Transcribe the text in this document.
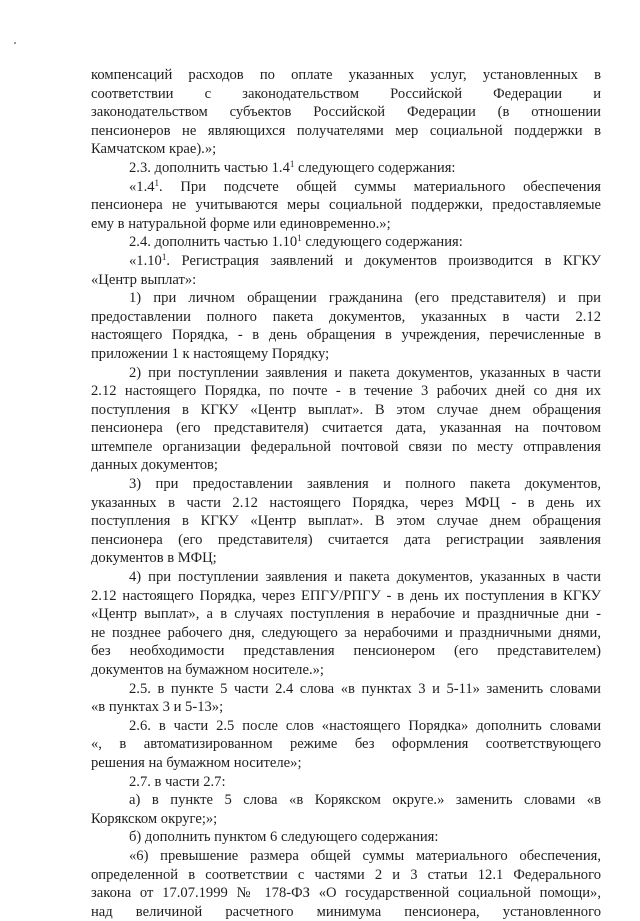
компенсаций расходов по оплате указанных услуг, установленных в

соответствии с законодательством Российской Федерации и

законодательством субъектов Российской Федерации (в отношении

пенсионеров не являющихся получателями мер социальной поддержки в

Камчатском крае).»;

2.3. дополнить частью $1.4^1$ следующего содержания:

«$1.4^1$. При подсчете общей суммы материального обеспечения

пенсионера не учитываются меры социальной поддержки, предоставляемые

ему в натуральной форме или единовременно.»;

2.4. дополнить частью 1.10$^1$ следующего содержания:

«1.10$^1$. Регистрация заявлений и документов производится в КГКУ

«Центр выплат»:

1) при личном обращении гражданина (его представителя) и при

предоставлении полного пакета документов, указанных в части 2.12

настоящего Порядка, - в день обращения в учреждения, перечисленные в

приложении 1 к настоящему Порядку;

2) при поступлении заявления и пакета документов, указанных в части

2.12 настоящего Порядка, по почте - в течение 3 рабочих дней со дня их

поступления в КГКУ «Центр выплат». В этом случае днем обращения

пенсионера (его представителя) считается дата, указанная на почтовом

штемпеле организации федеральной почтовой связи по месту отправления

данных документов;

3) при предоставлении заявления и полного пакета документов,

указанных в части 2.12 настоящего Порядка, через МФЦ - в день их

поступления в КГКУ «Центр выплат». В этом случае днем обращения

пенсионера (его представителя) считается дата регистрации заявления

документов в МФЦ;

4) при поступлении заявления и пакета документов, указанных в части

2.12 настоящего Порядка, через ЕПГУ/РПГУ - в день их поступления в КГКУ

«Центр выплат», а в случаях поступления в нерабочие и праздничные дни -

не позднее рабочего дня, следующего за нерабочими и праздничными днями,

без необходимости представления пенсионером (его представителем)

документов на бумажном носителе.»;

2.5. в пункте 5 части 2.4 слова «в пунктах 3 и 5-11» заменить словами

«в пунктах 3 и 5-13»;

2.6. в части 2.5 после слов «настоящего Порядка» дополнить словами

«, в автоматизированном режиме без оформления соответствующего

решения на бумажном носителе»;

2.7. в части 2.7:

а) в пункте 5 слова «в Корякском округе.» заменить словами «в

Корякском округе;»;

б) дополнить пунктом 6 следующего содержания:

«6) превышение размера общей суммы материального обеспечения,

определенной в соответствии с частями 2 и 3 статьи 12.1 Федерального

закона от 17.07.1999 № 178-ФЗ «О государственной социальной помощи»,

над величиной расчетного минимума пенсионера, установленного
